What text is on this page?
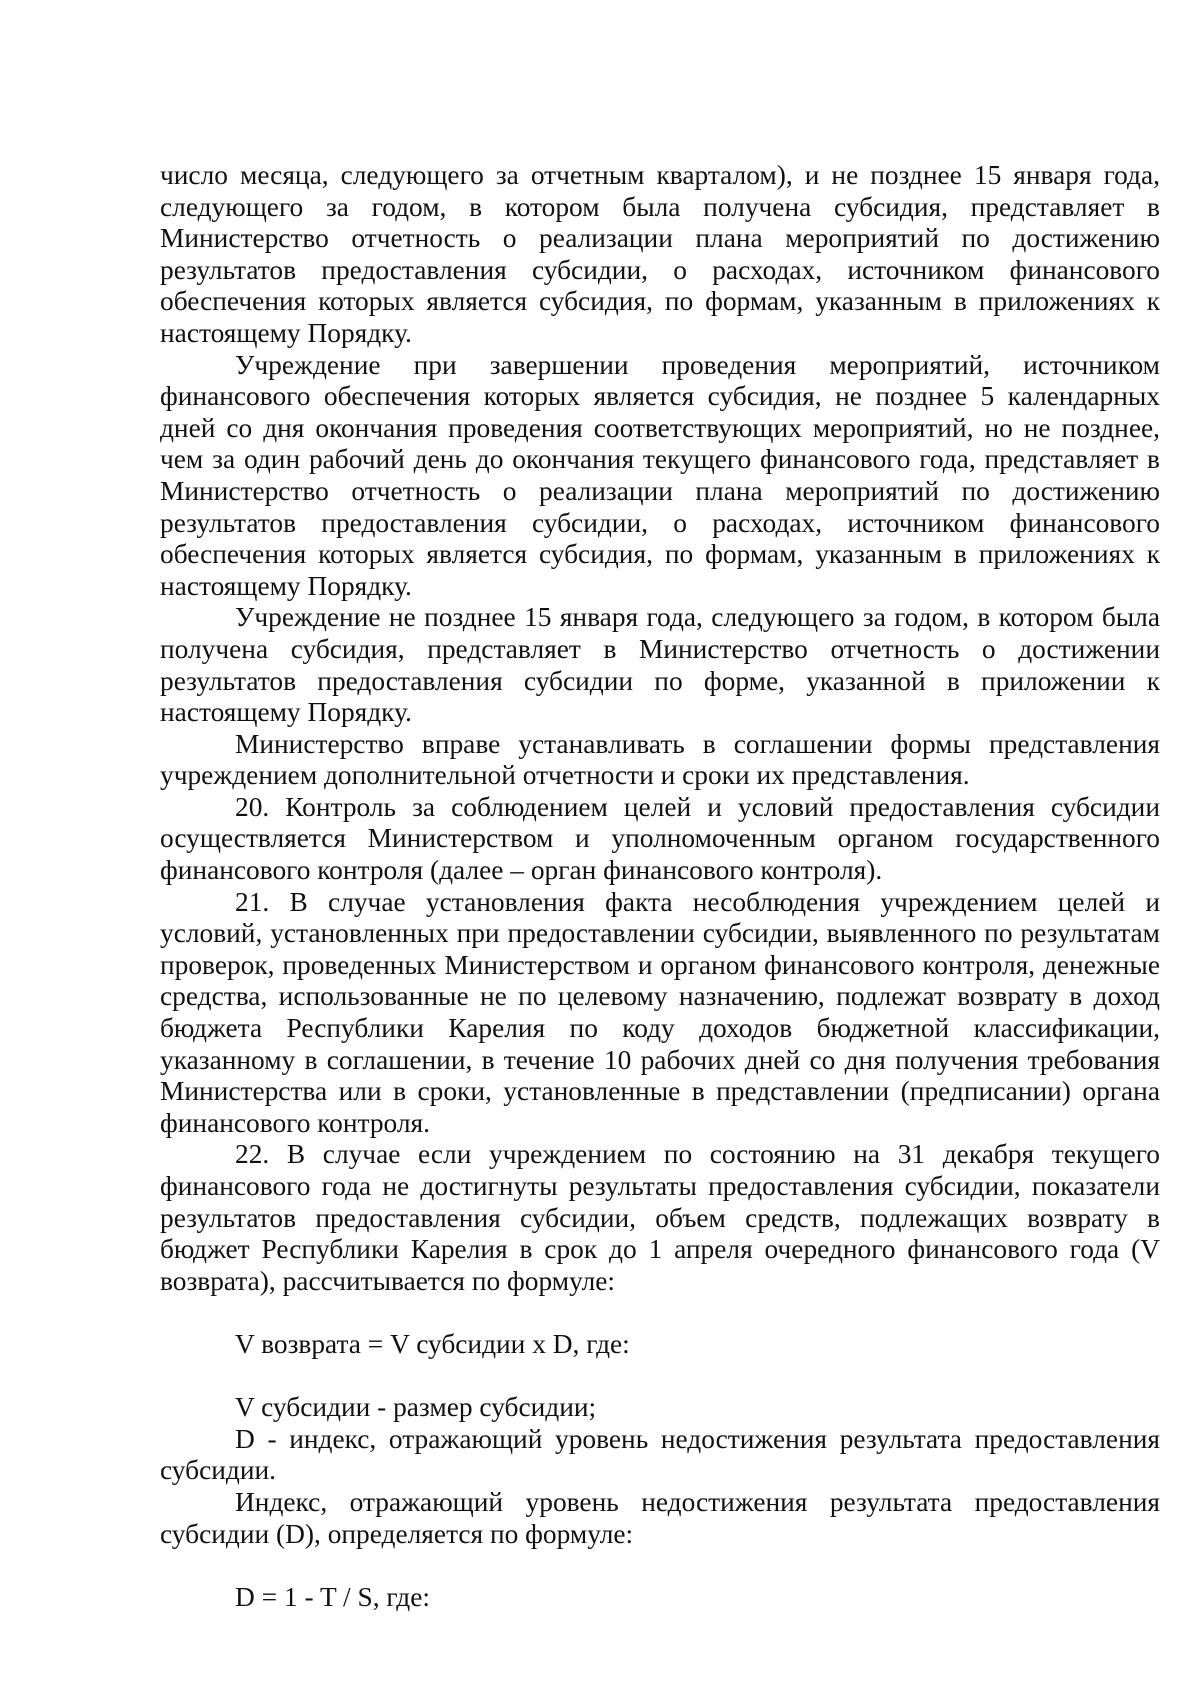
число месяца, следующего за отчетным кварталом), и не позднее 15 января года, следующего за годом, в котором была получена субсидия, представляет в Министерство отчетность о реализации плана мероприятий по достижению результатов предоставления субсидии, о расходах, источником финансового обеспечения которых является субсидия, по формам, указанным в приложениях к настоящему Порядку.

Учреждение при завершении проведения мероприятий, источником финансового обеспечения которых является субсидия, не позднее 5 календарных дней со дня окончания проведения соответствующих мероприятий, но не позднее, чем за один рабочий день до окончания текущего финансового года, представляет в Министерство отчетность о реализации плана мероприятий по достижению результатов предоставления субсидии, о расходах, источником финансового обеспечения которых является субсидия, по формам, указанным в приложениях к настоящему Порядку.

Учреждение не позднее 15 января года, следующего за годом, в котором была получена субсидия, представляет в Министерство отчетность о достижении результатов предоставления субсидии по форме, указанной в приложении к настоящему Порядку.

Министерство вправе устанавливать в соглашении формы представления учреждением дополнительной отчетности и сроки их представления.

20. Контроль за соблюдением целей и условий предоставления субсидии осуществляется Министерством и уполномоченным органом государственного финансового контроля (далее – орган финансового контроля).

21. В случае установления факта несоблюдения учреждением целей и условий, установленных при предоставлении субсидии, выявленного по результатам проверок, проведенных Министерством и органом финансового контроля, денежные средства, использованные не по целевому назначению, подлежат возврату в доход бюджета Республики Карелия по коду доходов бюджетной классификации, указанному в соглашении, в течение 10 рабочих дней со дня получения требования Министерства или в сроки, установленные в представлении (предписании) органа финансового контроля.

22. В случае если учреждением по состоянию на 31 декабря текущего финансового года не достигнуты результаты предоставления субсидии, показатели результатов предоставления субсидии, объем средств, подлежащих возврату в бюджет Республики Карелия в срок до 1 апреля очередного финансового года (V возврата), рассчитывается по формуле:

V возврата = V субсидии x D, где:

V субсидии - размер субсидии;

D - индекс, отражающий уровень недостижения результата предоставления субсидии.

Индекс, отражающий уровень недостижения результата предоставления субсидии (D), определяется по формуле:

D = 1 - T / S, где:
